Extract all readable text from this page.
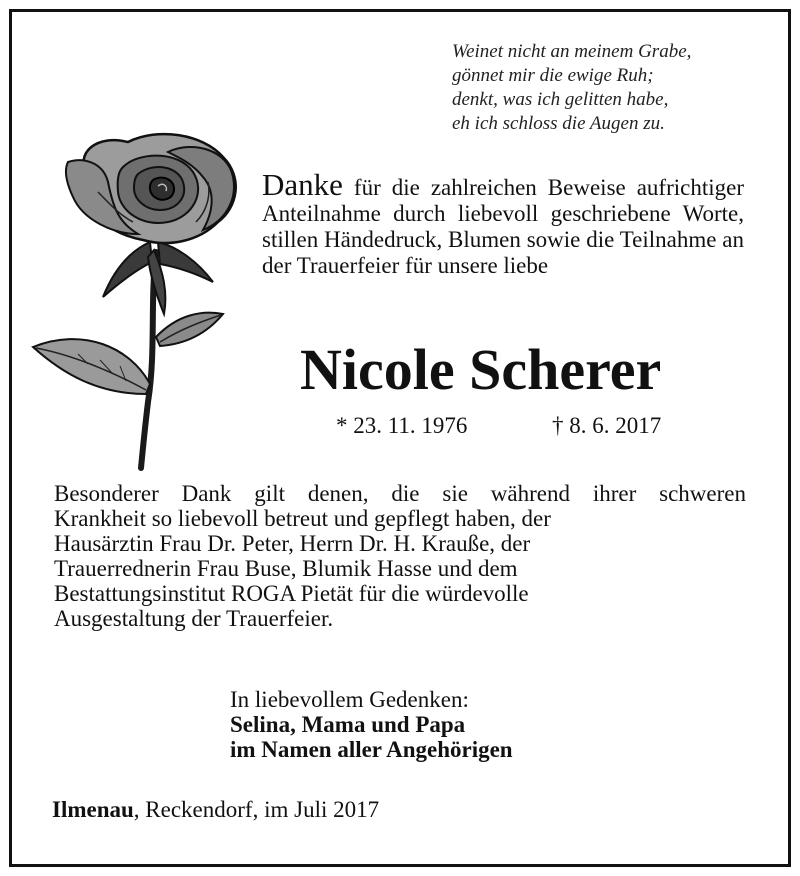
Weinet nicht an meinem Grabe,
gönnet mir die ewige Ruh;
denkt, was ich gelitten habe,
eh ich schloss die Augen zu.
Danke für die zahlreichen Beweise aufrichtiger Anteilnahme durch liebevoll geschriebene Worte, stillen Händedruck, Blumen sowie die Teilnahme an der Trauerfeier für unsere liebe
Nicole Scherer
* 23. 11. 1976	† 8. 6. 2017
Besonderer Dank gilt denen, die sie während ihrer schweren
Krankheit so liebevoll betreut und gepflegt haben, der
Hausärztin Frau Dr. Peter, Herrn Dr. H. Krauße, der
Trauerrednerin Frau Buse, Blumik Hasse und dem
Bestattungsinstitut ROGA Pietät für die würdevolle
Ausgestaltung der Trauerfeier.
In liebevollem Gedenken:
Selina, Mama und Papa
im Namen aller Angehörigen
Ilmenau, Reckendorf, im Juli 2017
